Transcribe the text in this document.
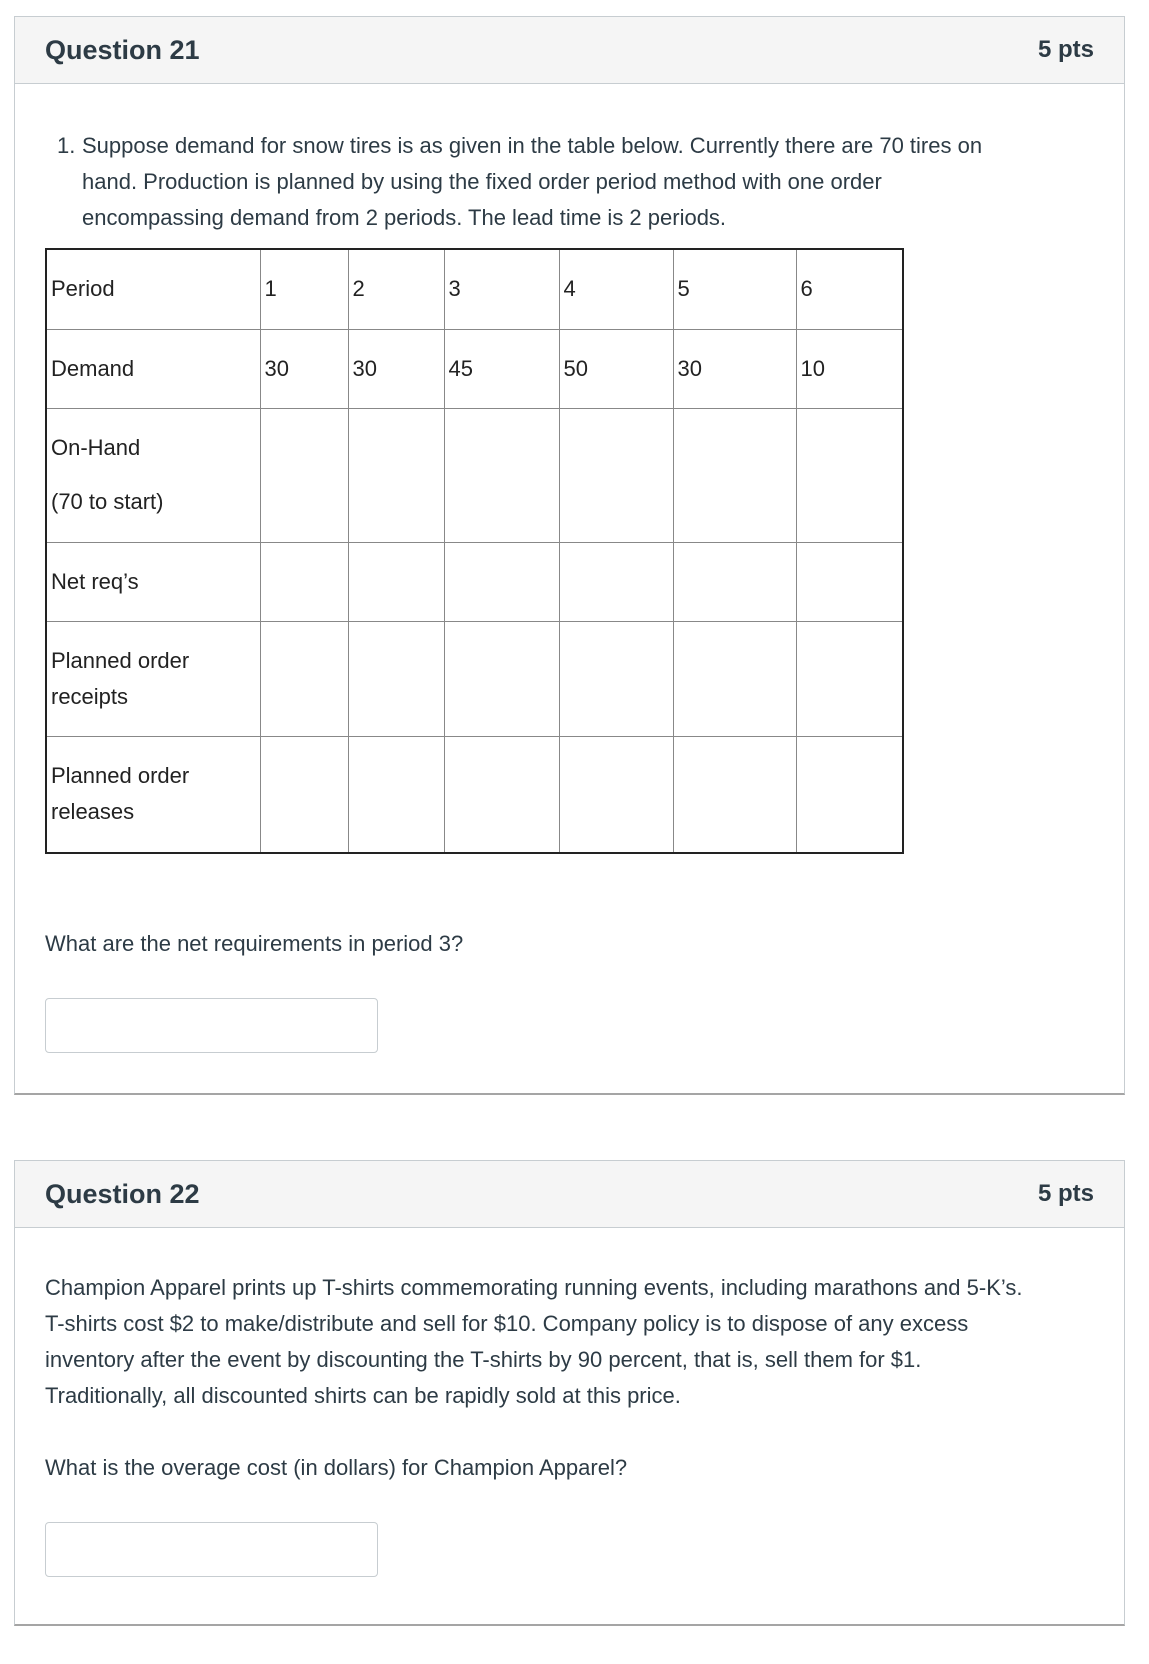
Question 21	5 pts
1. Suppose demand for snow tires is as given in the table below. Currently there are 70 tires on
hand. Production is planned by using the fixed order period method with one order
encompassing demand from 2 periods. The lead time is 2 periods.
Period	1	2	3	4	5	6

Demand	30	30	45	50	30	10

On-Hand
(70 to start)						

Net req’s						

Planned order
receipts						

Planned order
releases						

What are the net requirements in period 3?
Question 22	5 pts
Champion Apparel prints up T-shirts commemorating running events, including marathons and 5-K’s.
T-shirts cost $2 to make/distribute and sell for $10. Company policy is to dispose of any excess
inventory after the event by discounting the T-shirts by 90 percent, that is, sell them for $1.
Traditionally, all discounted shirts can be rapidly sold at this price.
What is the overage cost (in dollars) for Champion Apparel?
